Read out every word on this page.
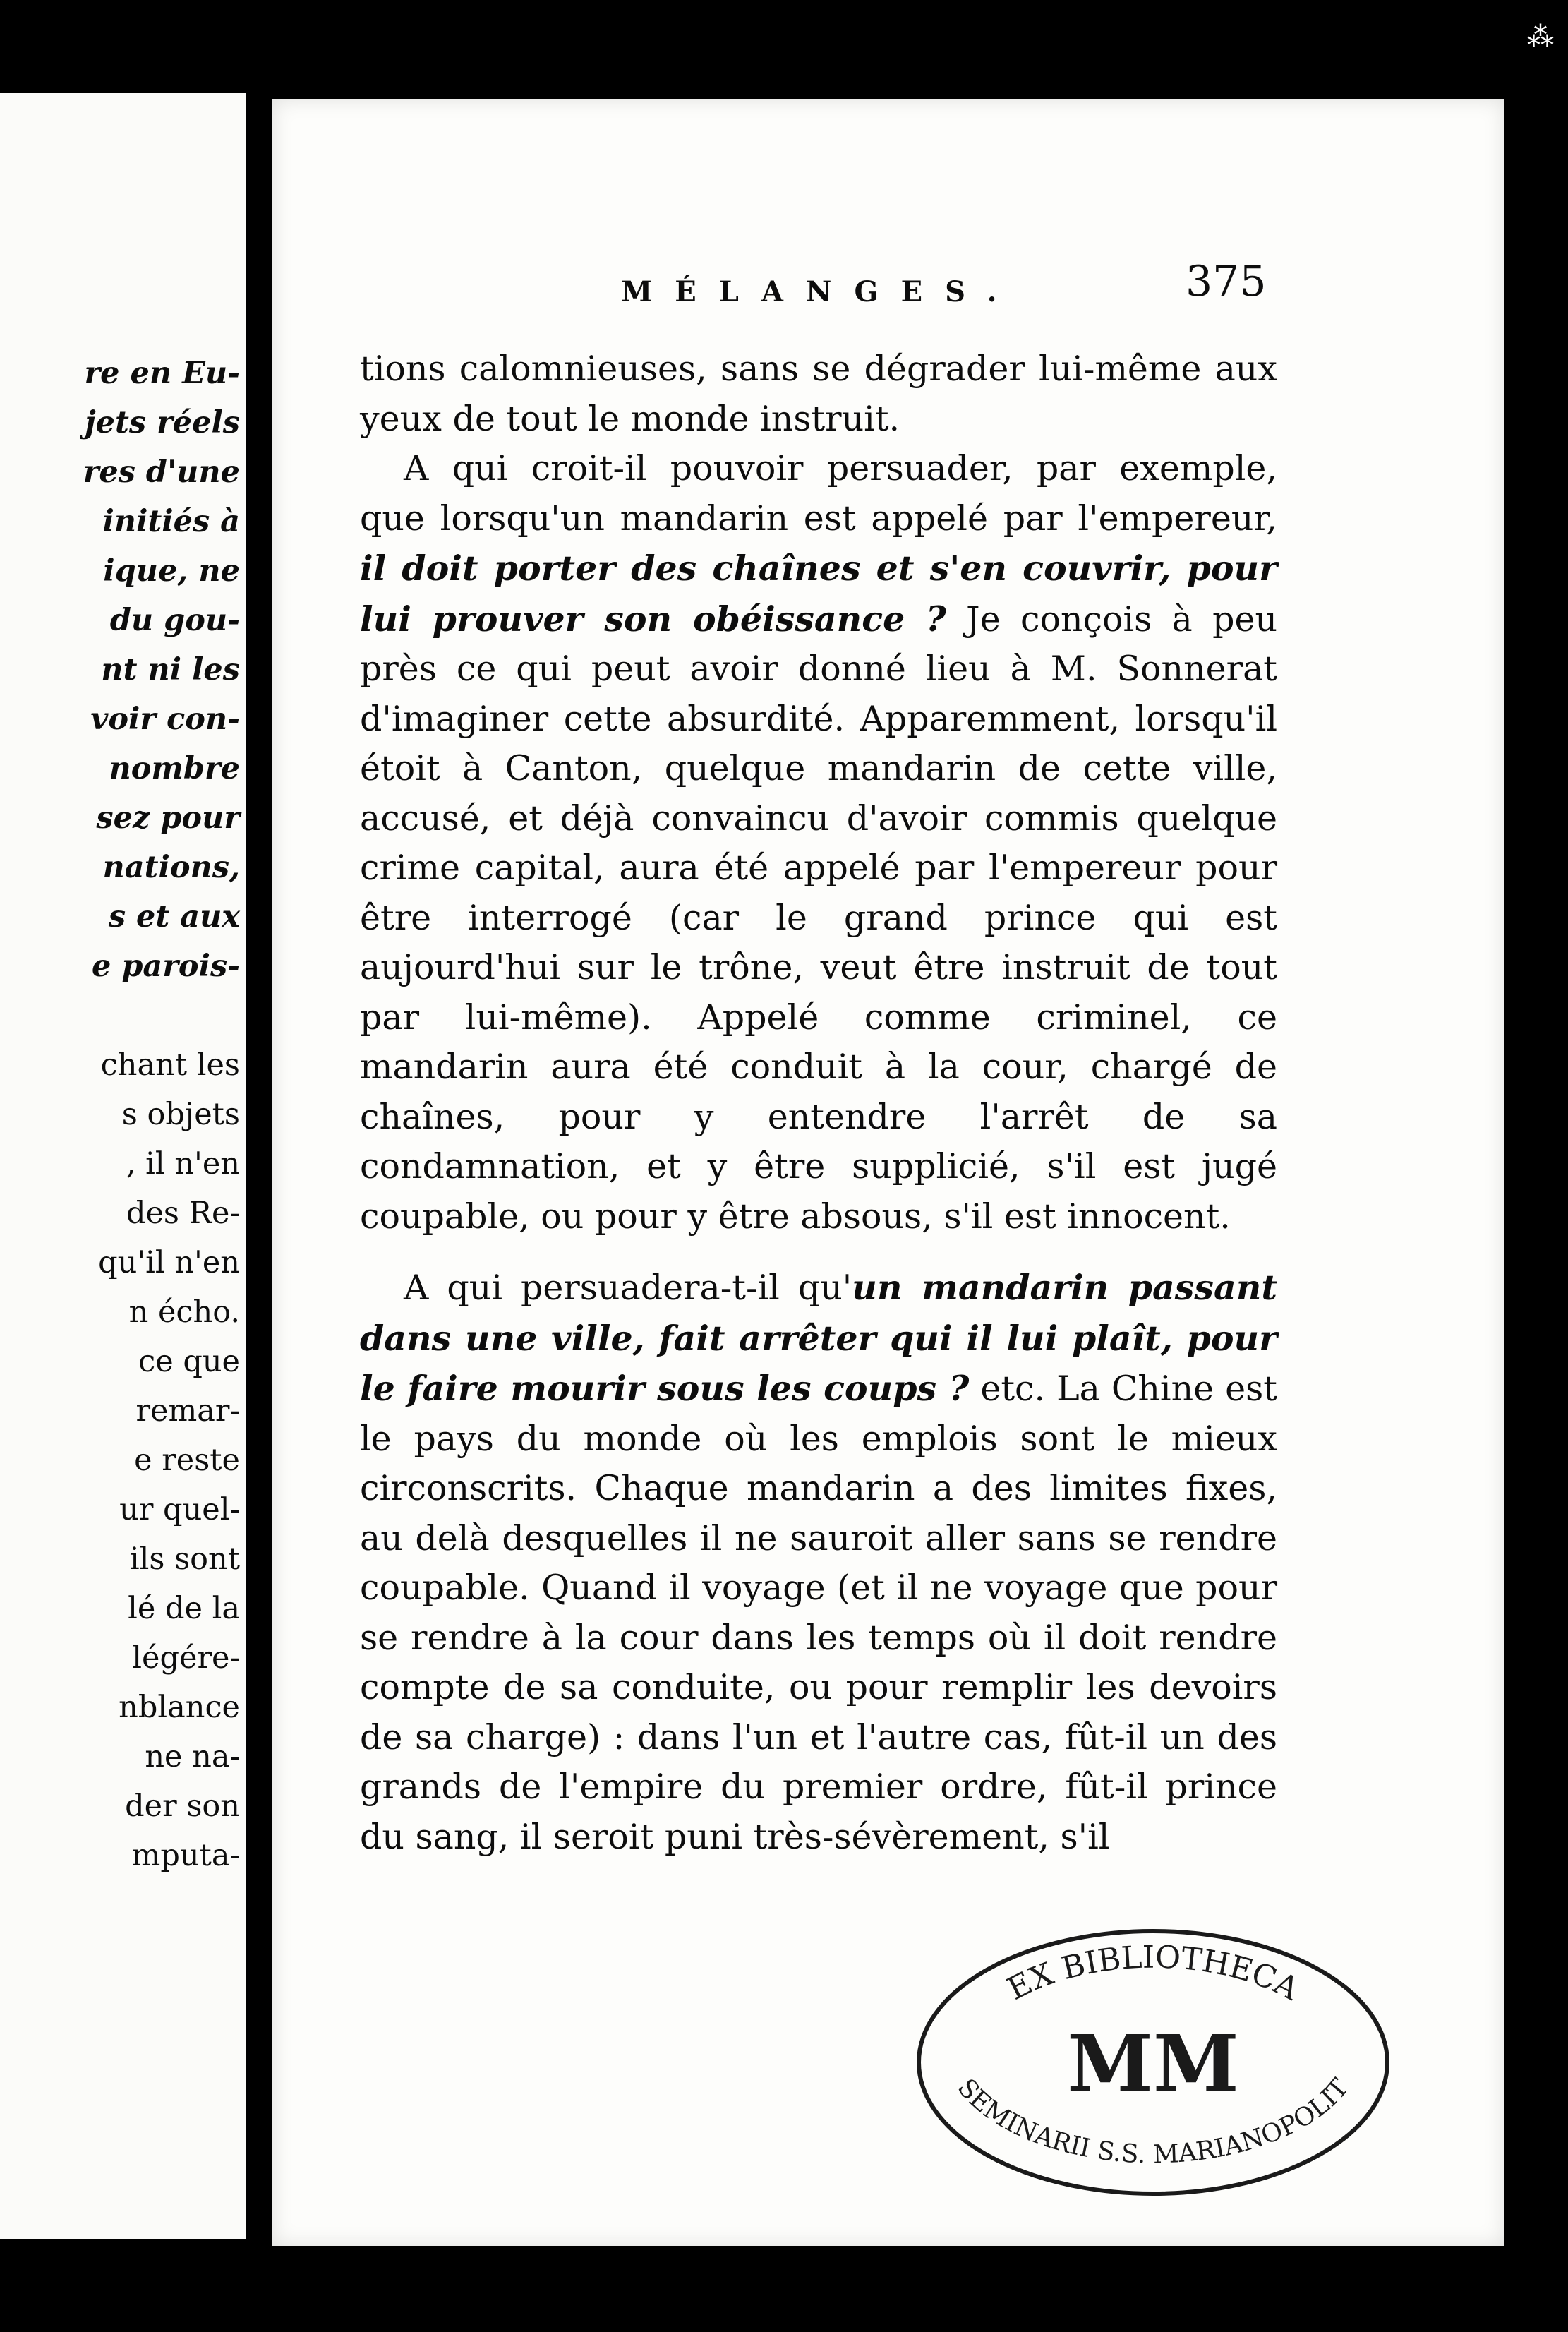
re en Eu-
jets réels
res d'une
initiés à
ique, ne
du gou-
nt ni les
voir con-
nombre
sez pour
nations,
s et aux
e parois-
chant les
s objets
, il n'en
des Re-
qu'il n'en
n écho.
ce que
remar-
e reste
ur quel-
ils sont
lé de la
légére-
nblance
ne na-
der son
mputa-
MÉLANGES.	375

tions calomnieuses, sans se dégrader lui-même aux yeux de tout le monde instruit.

A qui croit-il pouvoir persuader, par exemple, que lorsqu'un mandarin est appelé par l'empereur, il doit porter des chaînes et s'en couvrir, pour lui prouver son obéissance ? Je conçois à peu près ce qui peut avoir donné lieu à M. Sonnerat d'imaginer cette absurdité. Apparemment, lorsqu'il étoit à Canton, quelque mandarin de cette ville, accusé, et déjà convaincu d'avoir commis quelque crime capital, aura été appelé par l'empereur pour être interrogé (car le grand prince qui est aujourd'hui sur le trône, veut être instruit de tout par lui-même). Appelé comme criminel, ce mandarin aura été conduit à la cour, chargé de chaînes, pour y entendre l'arrêt de sa condamnation, et y être supplicié, s'il est jugé coupable, ou pour y être absous, s'il est innocent.

A qui persuadera-t-il qu'un mandarin passant dans une ville, fait arrêter qui il lui plaît, pour le faire mourir sous les coups ? etc. La Chine est le pays du monde où les emplois sont le mieux circonscrits. Chaque mandarin a des limites fixes, au delà desquelles il ne sauroit aller sans se rendre coupable. Quand il voyage (et il ne voyage que pour se rendre à la cour dans les temps où il doit rendre compte de sa conduite, ou pour remplir les devoirs de sa charge) : dans l'un et l'autre cas, fût-il un des grands de l'empire du premier ordre, fût-il prince du sang, il seroit puni très-sévèrement, s'il

EX BIBLIOTHECA
MM
SEMINARII S.S. MARIANOPOLIT
⁂
